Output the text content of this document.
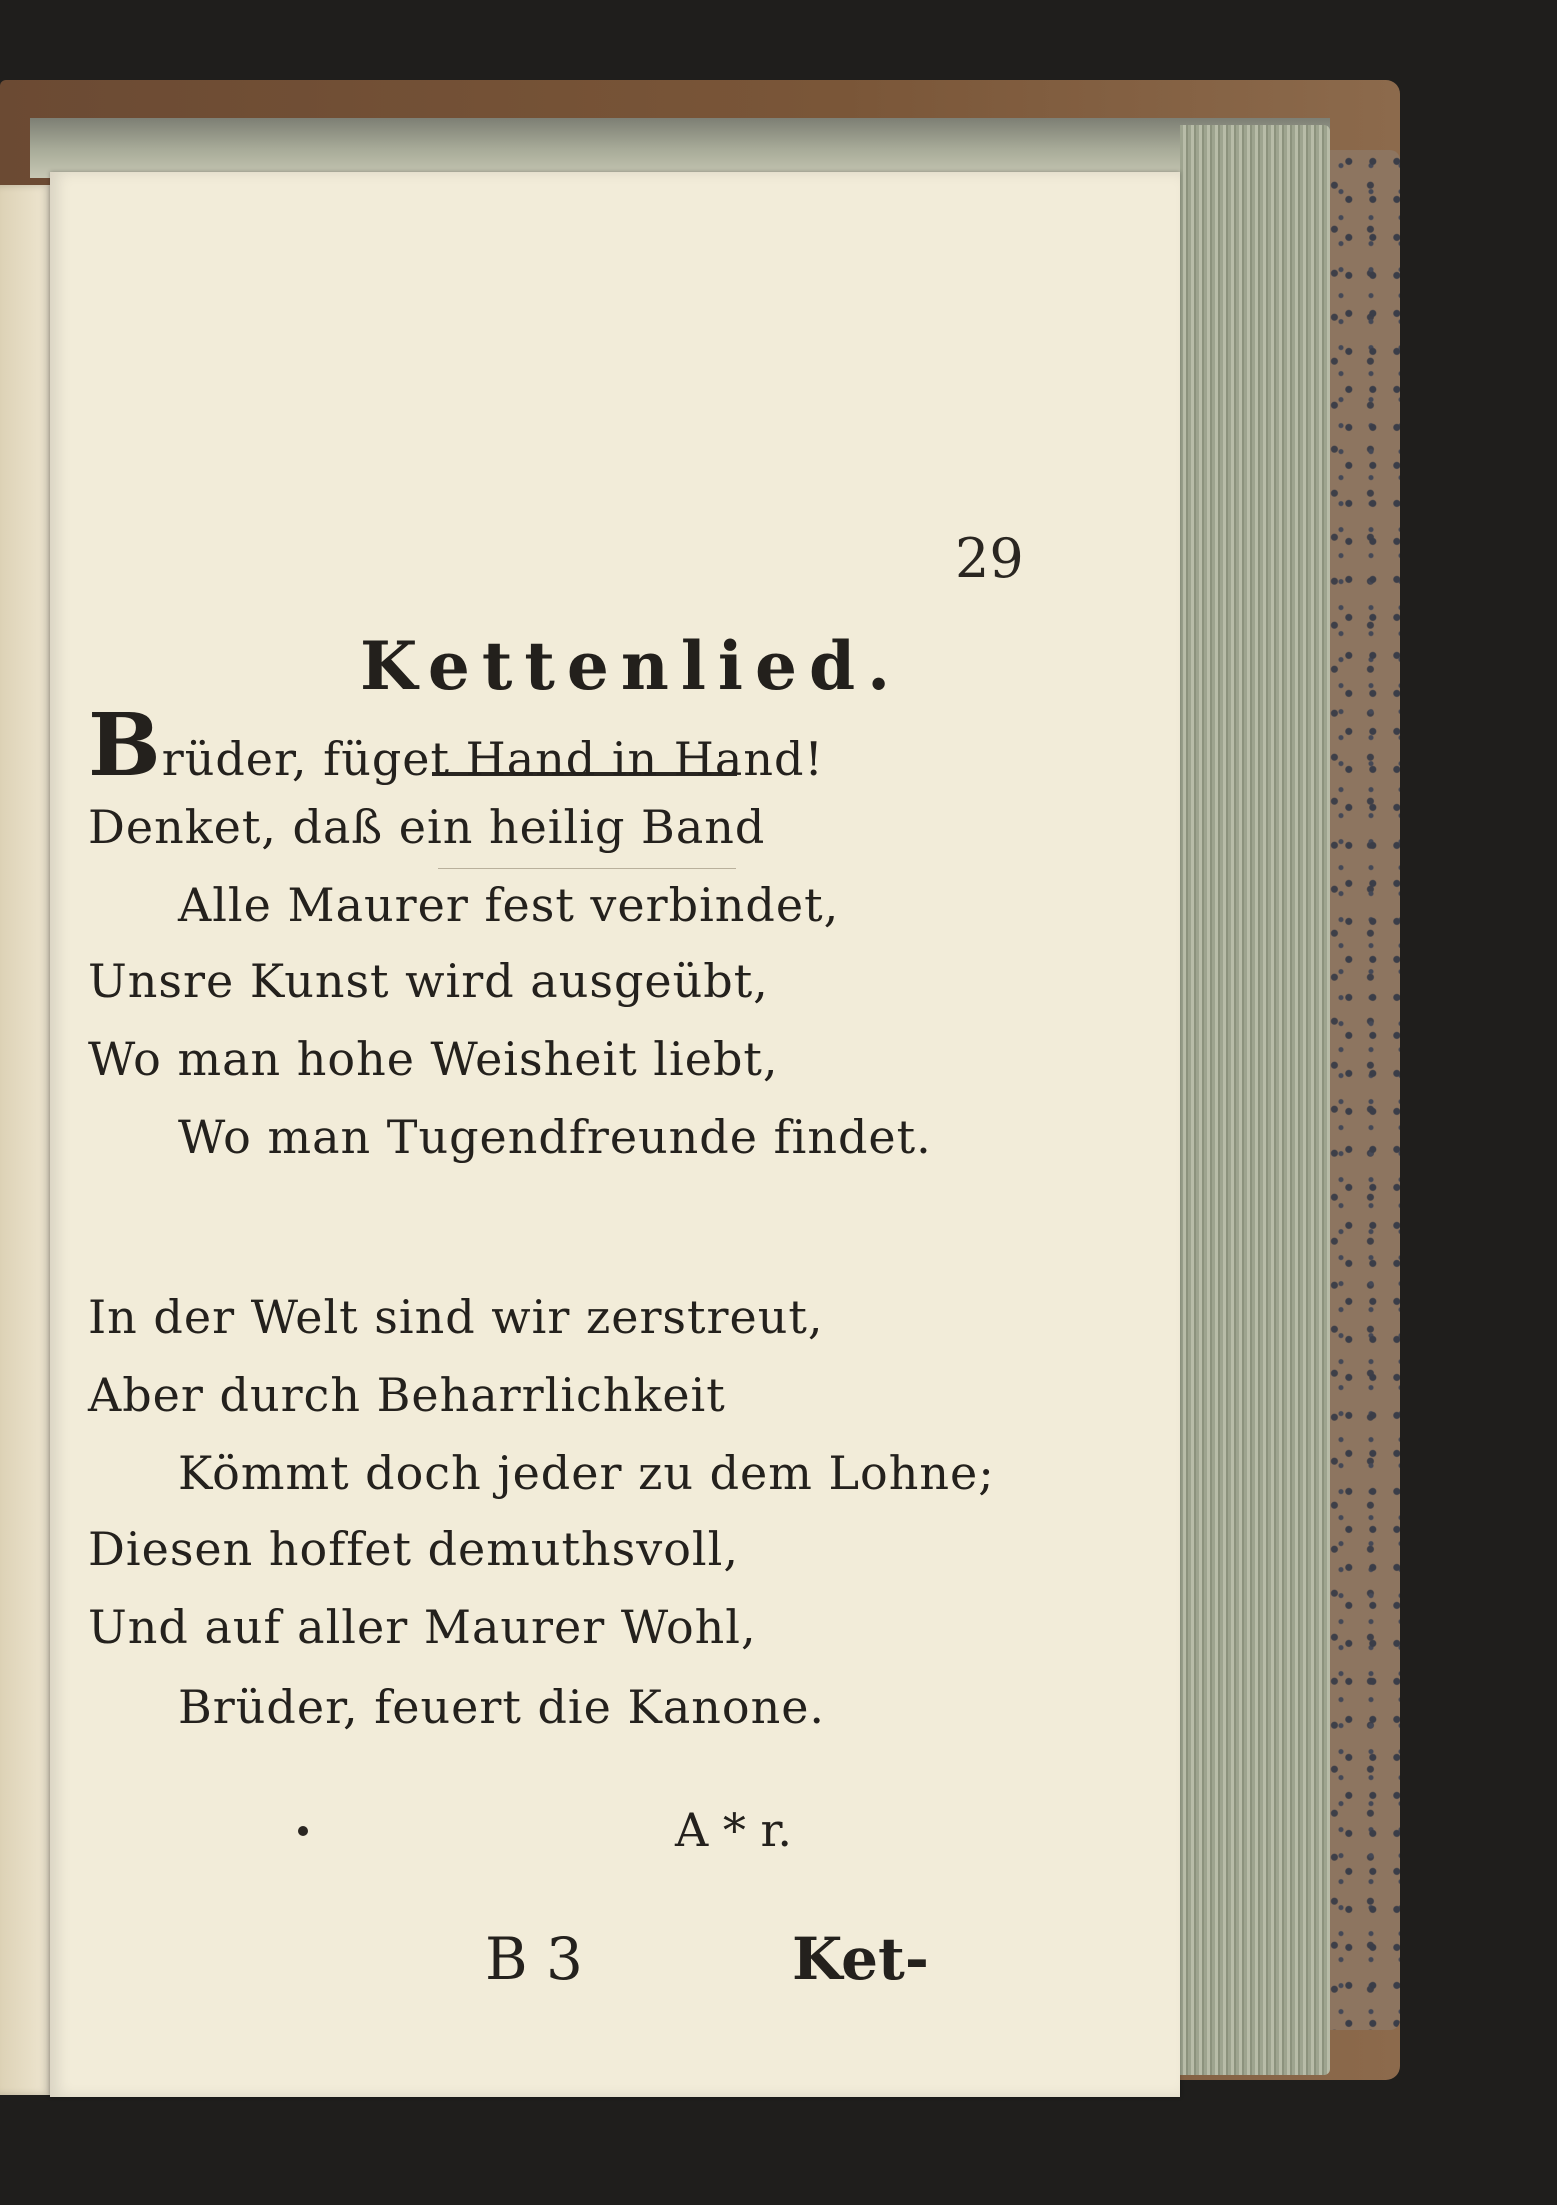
29
Kettenlied.
Brüder, füget Hand in Hand!
Denket, daß ein heilig Band
Alle Maurer fest verbindet,
Unsre Kunst wird ausgeübt,
Wo man hohe Weisheit liebt,
Wo man Tugendfreunde findet.
In der Welt sind wir zerstreut,
Aber durch Beharrlichkeit
Kömmt doch jeder zu dem Lohne;
Diesen hoffet demuthsvoll,
Und auf aller Maurer Wohl,
Brüder, feuert die Kanone.
A * r.
B 3	Ket-
